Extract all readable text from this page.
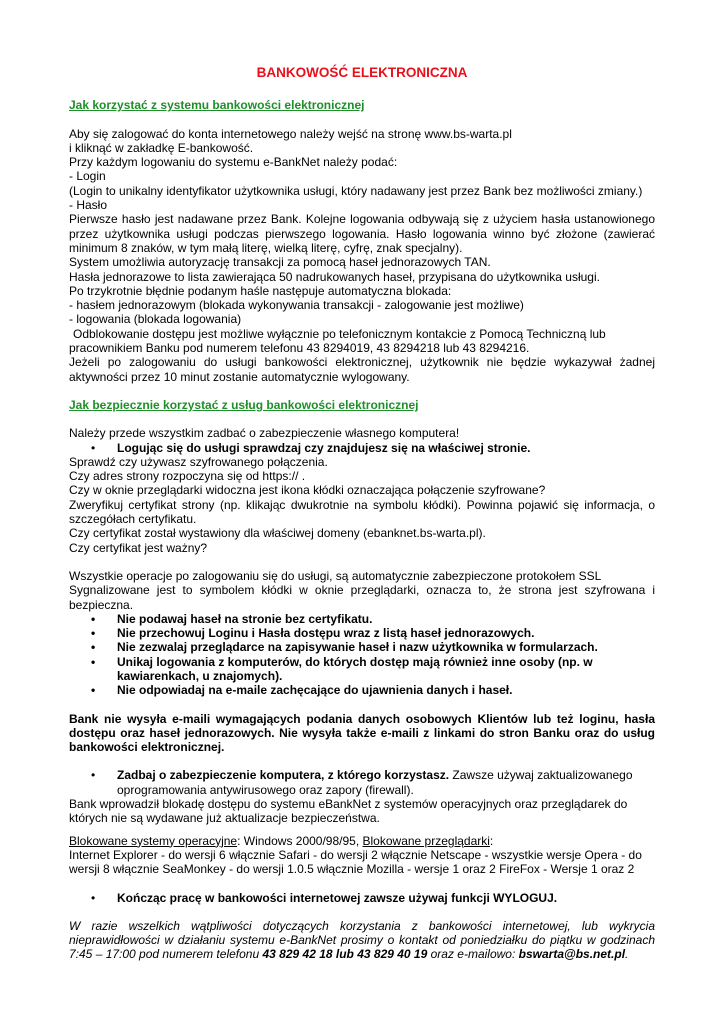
BANKOWOŚĆ ELEKTRONICZNA
Jak korzystać z systemu bankowości elektronicznej

Aby się zalogować do konta internetowego należy wejść na stronę www.bs-warta.pl

i kliknąć w zakładkę E-bankowość.

Przy każdym logowaniu do systemu e-BankNet należy podać:

- Login

(Login to unikalny identyfikator użytkownika usługi, który nadawany jest przez Bank bez możliwości zmiany.)

- Hasło

Pierwsze hasło jest nadawane przez Bank. Kolejne logowania odbywają się z użyciem hasła ustanowionego przez użytkownika usługi podczas pierwszego logowania. Hasło logowania winno być złożone (zawierać minimum 8 znaków, w tym małą literę, wielką literę, cyfrę, znak specjalny).

System umożliwia autoryzację transakcji za pomocą haseł jednorazowych TAN.

Hasła jednorazowe to lista zawierająca 50 nadrukowanych haseł, przypisana do użytkownika usługi.

Po trzykrotnie błędnie podanym haśle następuje automatyczna blokada:

- hasłem jednorazowym (blokada wykonywania transakcji - zalogowanie jest możliwe)

- logowania (blokada logowania)

Odblokowanie dostępu jest możliwe wyłącznie po telefonicznym kontakcie z Pomocą Techniczną lub pracownikiem Banku pod numerem telefonu 43 8294019, 43 8294218 lub 43 8294216.

Jeżeli po zalogowaniu do usługi bankowości elektronicznej, użytkownik nie będzie wykazywał żadnej aktywności przez 10 minut zostanie automatycznie wylogowany.

Jak bezpiecznie korzystać z usług bankowości elektronicznej

Należy przede wszystkim zadbać o zabezpieczenie własnego komputera!

• Logując się do usługi sprawdzaj czy znajdujesz się na właściwej stronie.

Sprawdź czy używasz szyfrowanego połączenia.

Czy adres strony rozpoczyna się od https:// .

Czy w oknie przeglądarki widoczna jest ikona kłódki oznaczająca połączenie szyfrowane?

Zweryfikuj certyfikat strony (np. klikając dwukrotnie na symbolu kłódki). Powinna pojawić się informacja, o szczegółach certyfikatu.

Czy certyfikat został wystawiony dla właściwej domeny (ebanknet.bs-warta.pl).

Czy certyfikat jest ważny?

Wszystkie operacje po zalogowaniu się do usługi, są automatycznie zabezpieczone protokołem SSL

Sygnalizowane jest to symbolem kłódki w oknie przeglądarki, oznacza to, że strona jest szyfrowana i bezpieczna.

• Nie podawaj haseł na stronie bez certyfikatu.
• Nie przechowuj Loginu i Hasła dostępu wraz z listą haseł jednorazowych.
• Nie zezwalaj przeglądarce na zapisywanie haseł i nazw użytkownika w formularzach.
• Unikaj logowania z komputerów, do których dostęp mają również inne osoby (np. w kawiarenkach, u znajomych).
• Nie odpowiadaj na e-maile zachęcające do ujawnienia danych i haseł.

Bank nie wysyła e-maili wymagających podania danych osobowych Klientów lub też loginu, hasła dostępu oraz haseł jednorazowych. Nie wysyła także e-maili z linkami do stron Banku oraz do usług bankowości elektronicznej.

• Zadbaj o zabezpieczenie komputera, z którego korzystasz. Zawsze używaj zaktualizowanego oprogramowania antywirusowego oraz zapory (firewall).

Bank wprowadził blokadę dostępu do systemu eBankNet z systemów operacyjnych oraz przeglądarek do których nie są wydawane już aktualizacje bezpieczeństwa.

Blokowane systemy operacyjne: Windows 2000/98/95, Blokowane przeglądarki:

Internet Explorer - do wersji 6 włącznie Safari - do wersji 2 włącznie Netscape - wszystkie wersje Opera - do

wersji 8 włącznie SeaMonkey - do wersji 1.0.5 włącznie Mozilla - wersje 1 oraz 2 FireFox - Wersje 1 oraz 2

• Kończąc pracę w bankowości internetowej zawsze używaj funkcji WYLOGUJ.

W razie wszelkich wątpliwości dotyczących korzystania z bankowości internetowej, lub wykrycia nieprawidłowości w działaniu systemu e-BankNet prosimy o kontakt od poniedziałku do piątku w godzinach 7:45 – 17:00 pod numerem telefonu 43 829 42 18 lub 43 829 40 19 oraz e-mailowo: bswarta@bs.net.pl.
